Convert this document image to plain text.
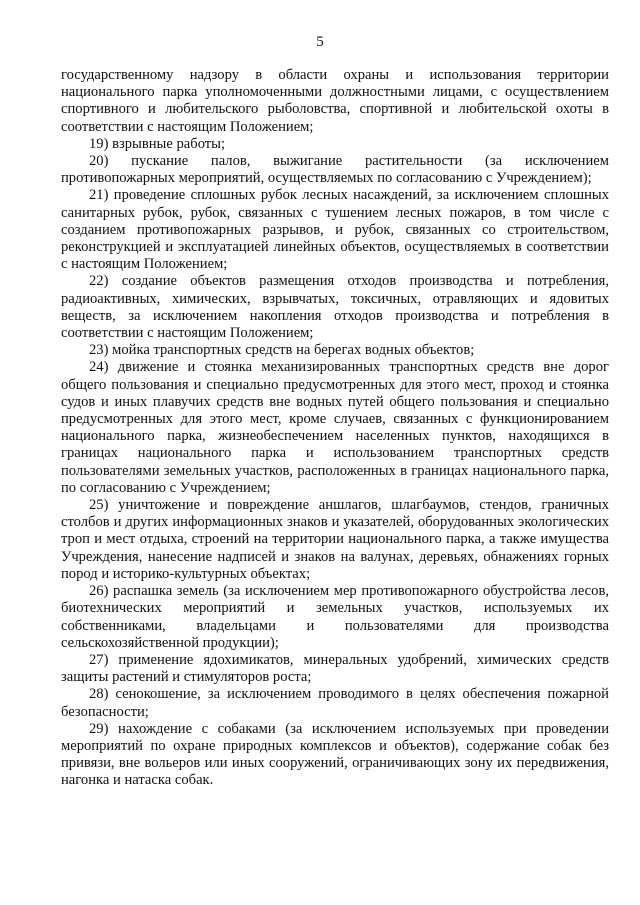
5

государственному надзору в области охраны и использования территории национального парка уполномоченными должностными лицами, с осуществлением спортивного и любительского рыболовства, спортивной и любительской охоты в соответствии с настоящим Положением;

19) взрывные работы;

20) пускание палов, выжигание растительности (за исключением противопожарных мероприятий, осуществляемых по согласованию с Учреждением);

21) проведение сплошных рубок лесных насаждений, за исключением сплошных санитарных рубок, рубок, связанных с тушением лесных пожаров, в том числе с созданием противопожарных разрывов, и рубок, связанных со строительством, реконструкцией и эксплуатацией линейных объектов, осуществляемых в соответствии с настоящим Положением;

22) создание объектов размещения отходов производства и потребления, радиоактивных, химических, взрывчатых, токсичных, отравляющих и ядовитых веществ, за исключением накопления отходов производства и потребления в соответствии с настоящим Положением;

23) мойка транспортных средств на берегах водных объектов;

24) движение и стоянка механизированных транспортных средств вне дорог общего пользования и специально предусмотренных для этого мест, проход и стоянка судов и иных плавучих средств вне водных путей общего пользования и специально предусмотренных для этого мест, кроме случаев, связанных с функционированием национального парка, жизнеобеспечением населенных пунктов, находящихся в границах национального парка и использованием транспортных средств пользователями земельных участков, расположенных в границах национального парка, по согласованию с Учреждением;

25) уничтожение и повреждение аншлагов, шлагбаумов, стендов, граничных столбов и других информационных знаков и указателей, оборудованных экологических троп и мест отдыха, строений на территории национального парка, а также имущества Учреждения, нанесение надписей и знаков на валунах, деревьях, обнажениях горных пород и историко-культурных объектах;

26) распашка земель (за исключением мер противопожарного обустройства лесов, биотехнических мероприятий и земельных участков, используемых их собственниками, владельцами и пользователями для производства сельскохозяйственной продукции);

27) применение ядохимикатов, минеральных удобрений, химических средств защиты растений и стимуляторов роста;

28) сенокошение, за исключением проводимого в целях обеспечения пожарной безопасности;

29) нахождение с собаками (за исключением используемых при проведении мероприятий по охране природных комплексов и объектов), содержание собак без привязи, вне вольеров или иных сооружений, ограничивающих зону их передвижения, нагонка и натаска собак.
